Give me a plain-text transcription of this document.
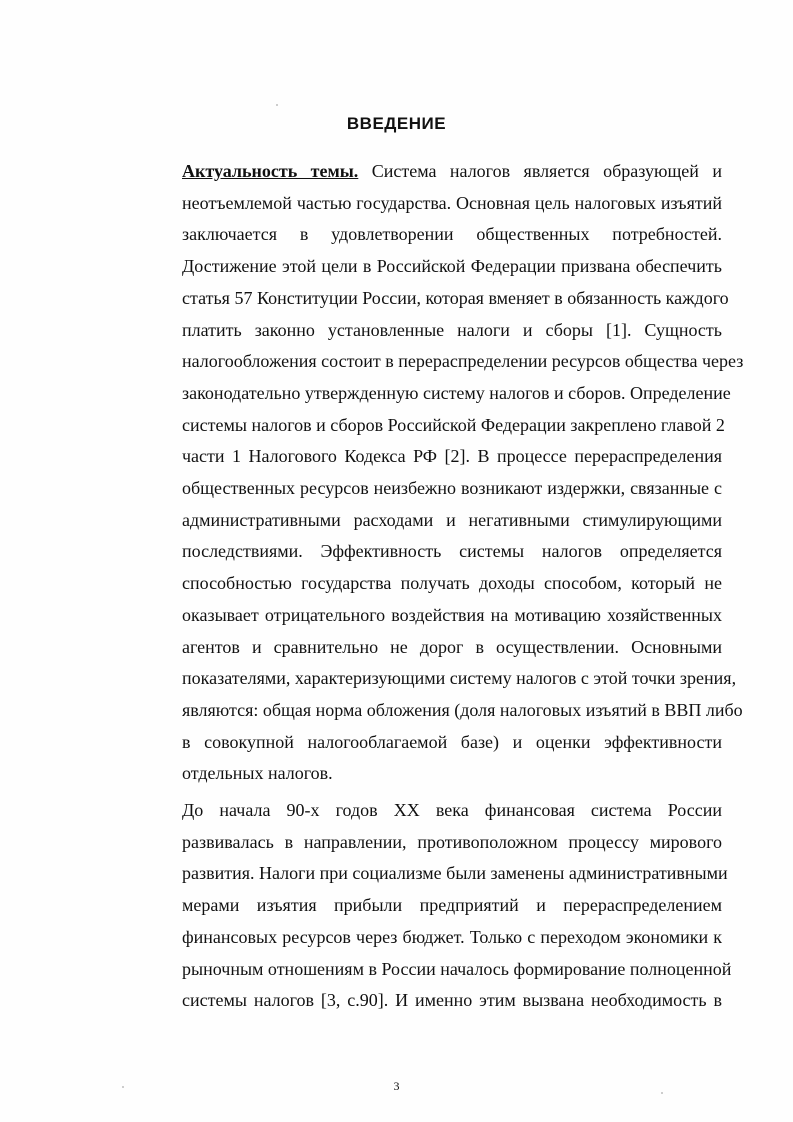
ВВЕДЕНИЕ

Актуальность темы. Система налогов является образующей и
неотъемлемой частью государства. Основная цель налоговых изъятий
заключается в удовлетворении общественных потребностей.
Достижение этой цели в Российской Федерации призвана обеспечить
статья 57 Конституции России, которая вменяет в обязанность каждого
платить законно установленные налоги и сборы [1]. Сущность
налогообложения состоит в перераспределении ресурсов общества через
законодательно утвержденную систему налогов и сборов. Определение
системы налогов и сборов Российской Федерации закреплено главой 2
части 1 Налогового Кодекса РФ [2]. В процессе перераспределения
общественных ресурсов неизбежно возникают издержки, связанные с
административными расходами и негативными стимулирующими
последствиями. Эффективность системы налогов определяется
способностью государства получать доходы способом, который не
оказывает отрицательного воздействия на мотивацию хозяйственных
агентов и сравнительно не дорог в осуществлении. Основными
показателями, характеризующими систему налогов с этой точки зрения,
являются: общая норма обложения (доля налоговых изъятий в ВВП либо
в совокупной налогооблагаемой базе) и оценки эффективности
отдельных налогов.

До начала 90-х годов XX века финансовая система России
развивалась в направлении, противоположном процессу мирового
развития. Налоги при социализме были заменены административными
мерами изъятия прибыли предприятий и перераспределением
финансовых ресурсов через бюджет. Только с переходом экономики к
рыночным отношениям в России началось формирование полноценной
системы налогов [3, с.90]. И именно этим вызвана необходимость в

3
